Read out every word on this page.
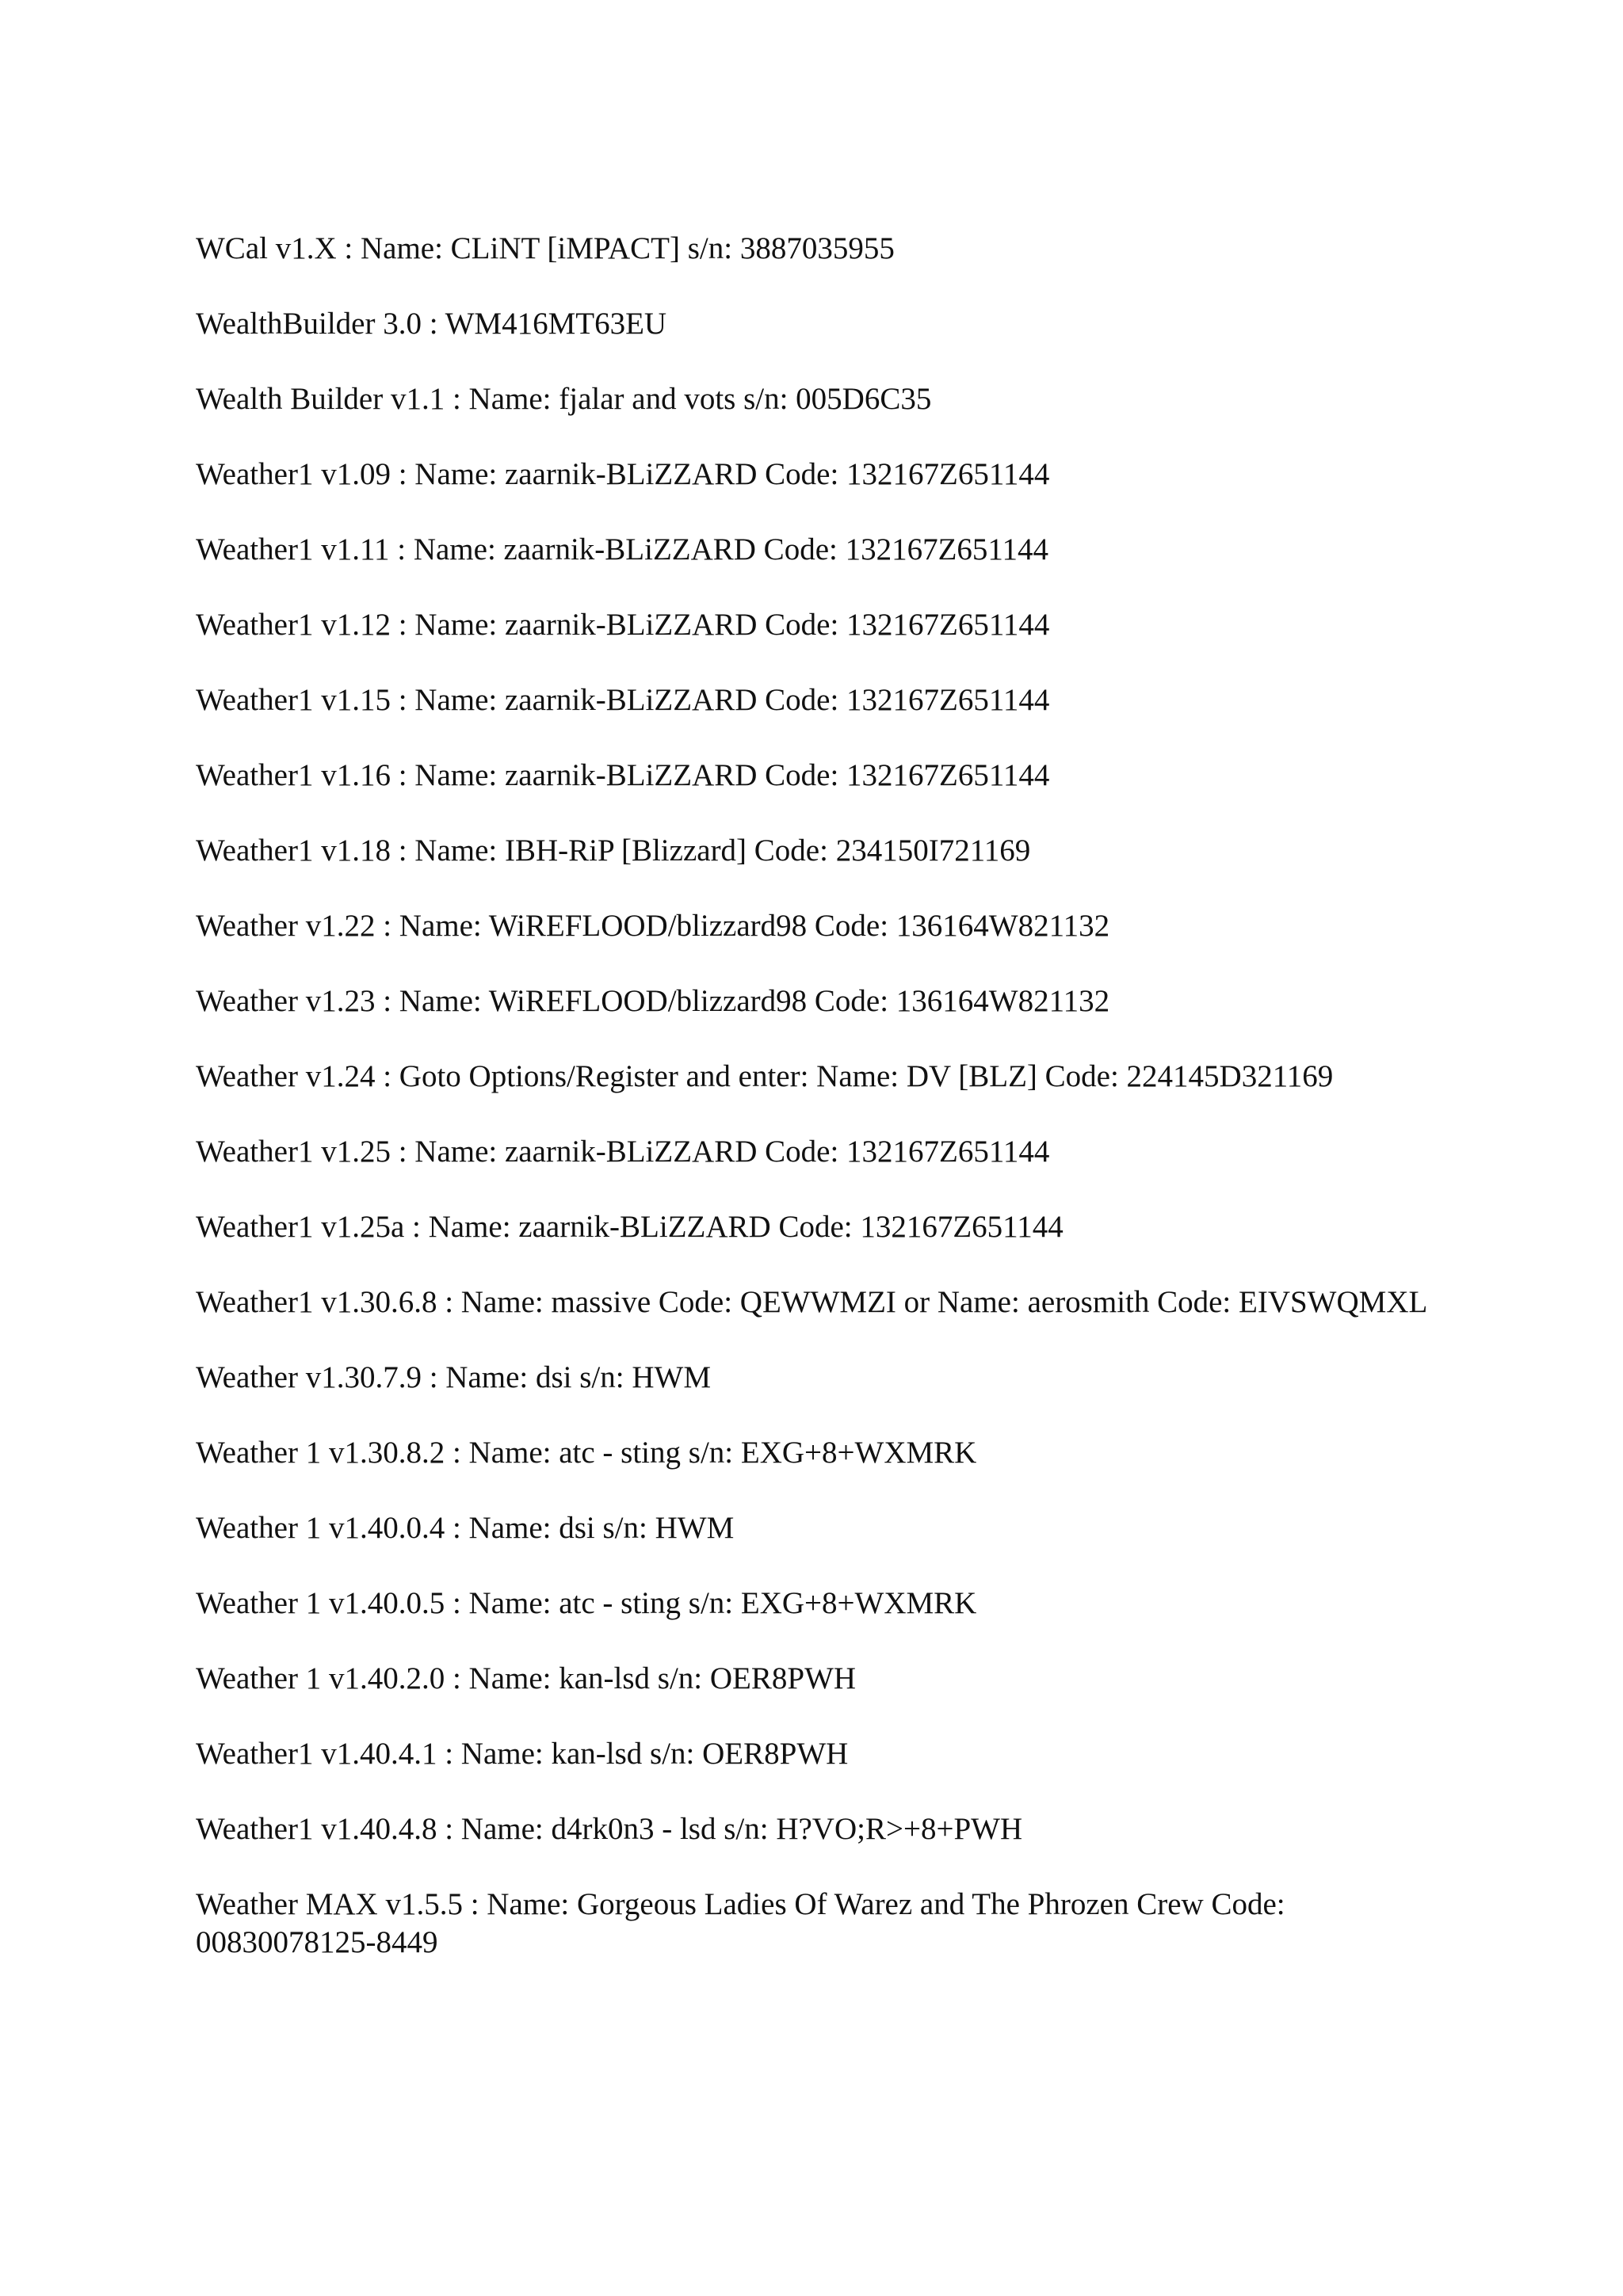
WCal v1.X : Name: CLiNT [iMPACT] s/n: 3887035955
WealthBuilder 3.0 : WM416MT63EU
Wealth Builder v1.1 : Name: fjalar and vots s/n: 005D6C35
Weather1 v1.09 : Name: zaarnik-BLiZZARD Code: 132167Z651144
Weather1 v1.11 : Name: zaarnik-BLiZZARD Code: 132167Z651144
Weather1 v1.12 : Name: zaarnik-BLiZZARD Code: 132167Z651144
Weather1 v1.15 : Name: zaarnik-BLiZZARD Code: 132167Z651144
Weather1 v1.16 : Name: zaarnik-BLiZZARD Code: 132167Z651144
Weather1 v1.18 : Name: IBH-RiP [Blizzard] Code: 234150I721169
Weather v1.22 : Name: WiREFLOOD/blizzard98 Code: 136164W821132
Weather v1.23 : Name: WiREFLOOD/blizzard98 Code: 136164W821132
Weather v1.24 : Goto Options/Register and enter: Name: DV [BLZ] Code: 224145D321169
Weather1 v1.25 : Name: zaarnik-BLiZZARD Code: 132167Z651144
Weather1 v1.25a : Name: zaarnik-BLiZZARD Code: 132167Z651144
Weather1 v1.30.6.8 : Name: massive Code: QEWWMZI or Name: aerosmith Code: EIVSWQMXL
Weather v1.30.7.9 : Name: dsi s/n: HWM
Weather 1 v1.30.8.2 : Name: atc - sting s/n: EXG+8+WXMRK
Weather 1 v1.40.0.4 : Name: dsi s/n: HWM
Weather 1 v1.40.0.5 : Name: atc - sting s/n: EXG+8+WXMRK
Weather 1 v1.40.2.0 : Name: kan-lsd s/n: OER8PWH
Weather1 v1.40.4.1 : Name: kan-lsd s/n: OER8PWH
Weather1 v1.40.4.8 : Name: d4rk0n3 - lsd s/n: H?VO;R>+8+PWH
Weather MAX v1.5.5 : Name: Gorgeous Ladies Of Warez and The Phrozen Crew Code: 00830078125-8449
